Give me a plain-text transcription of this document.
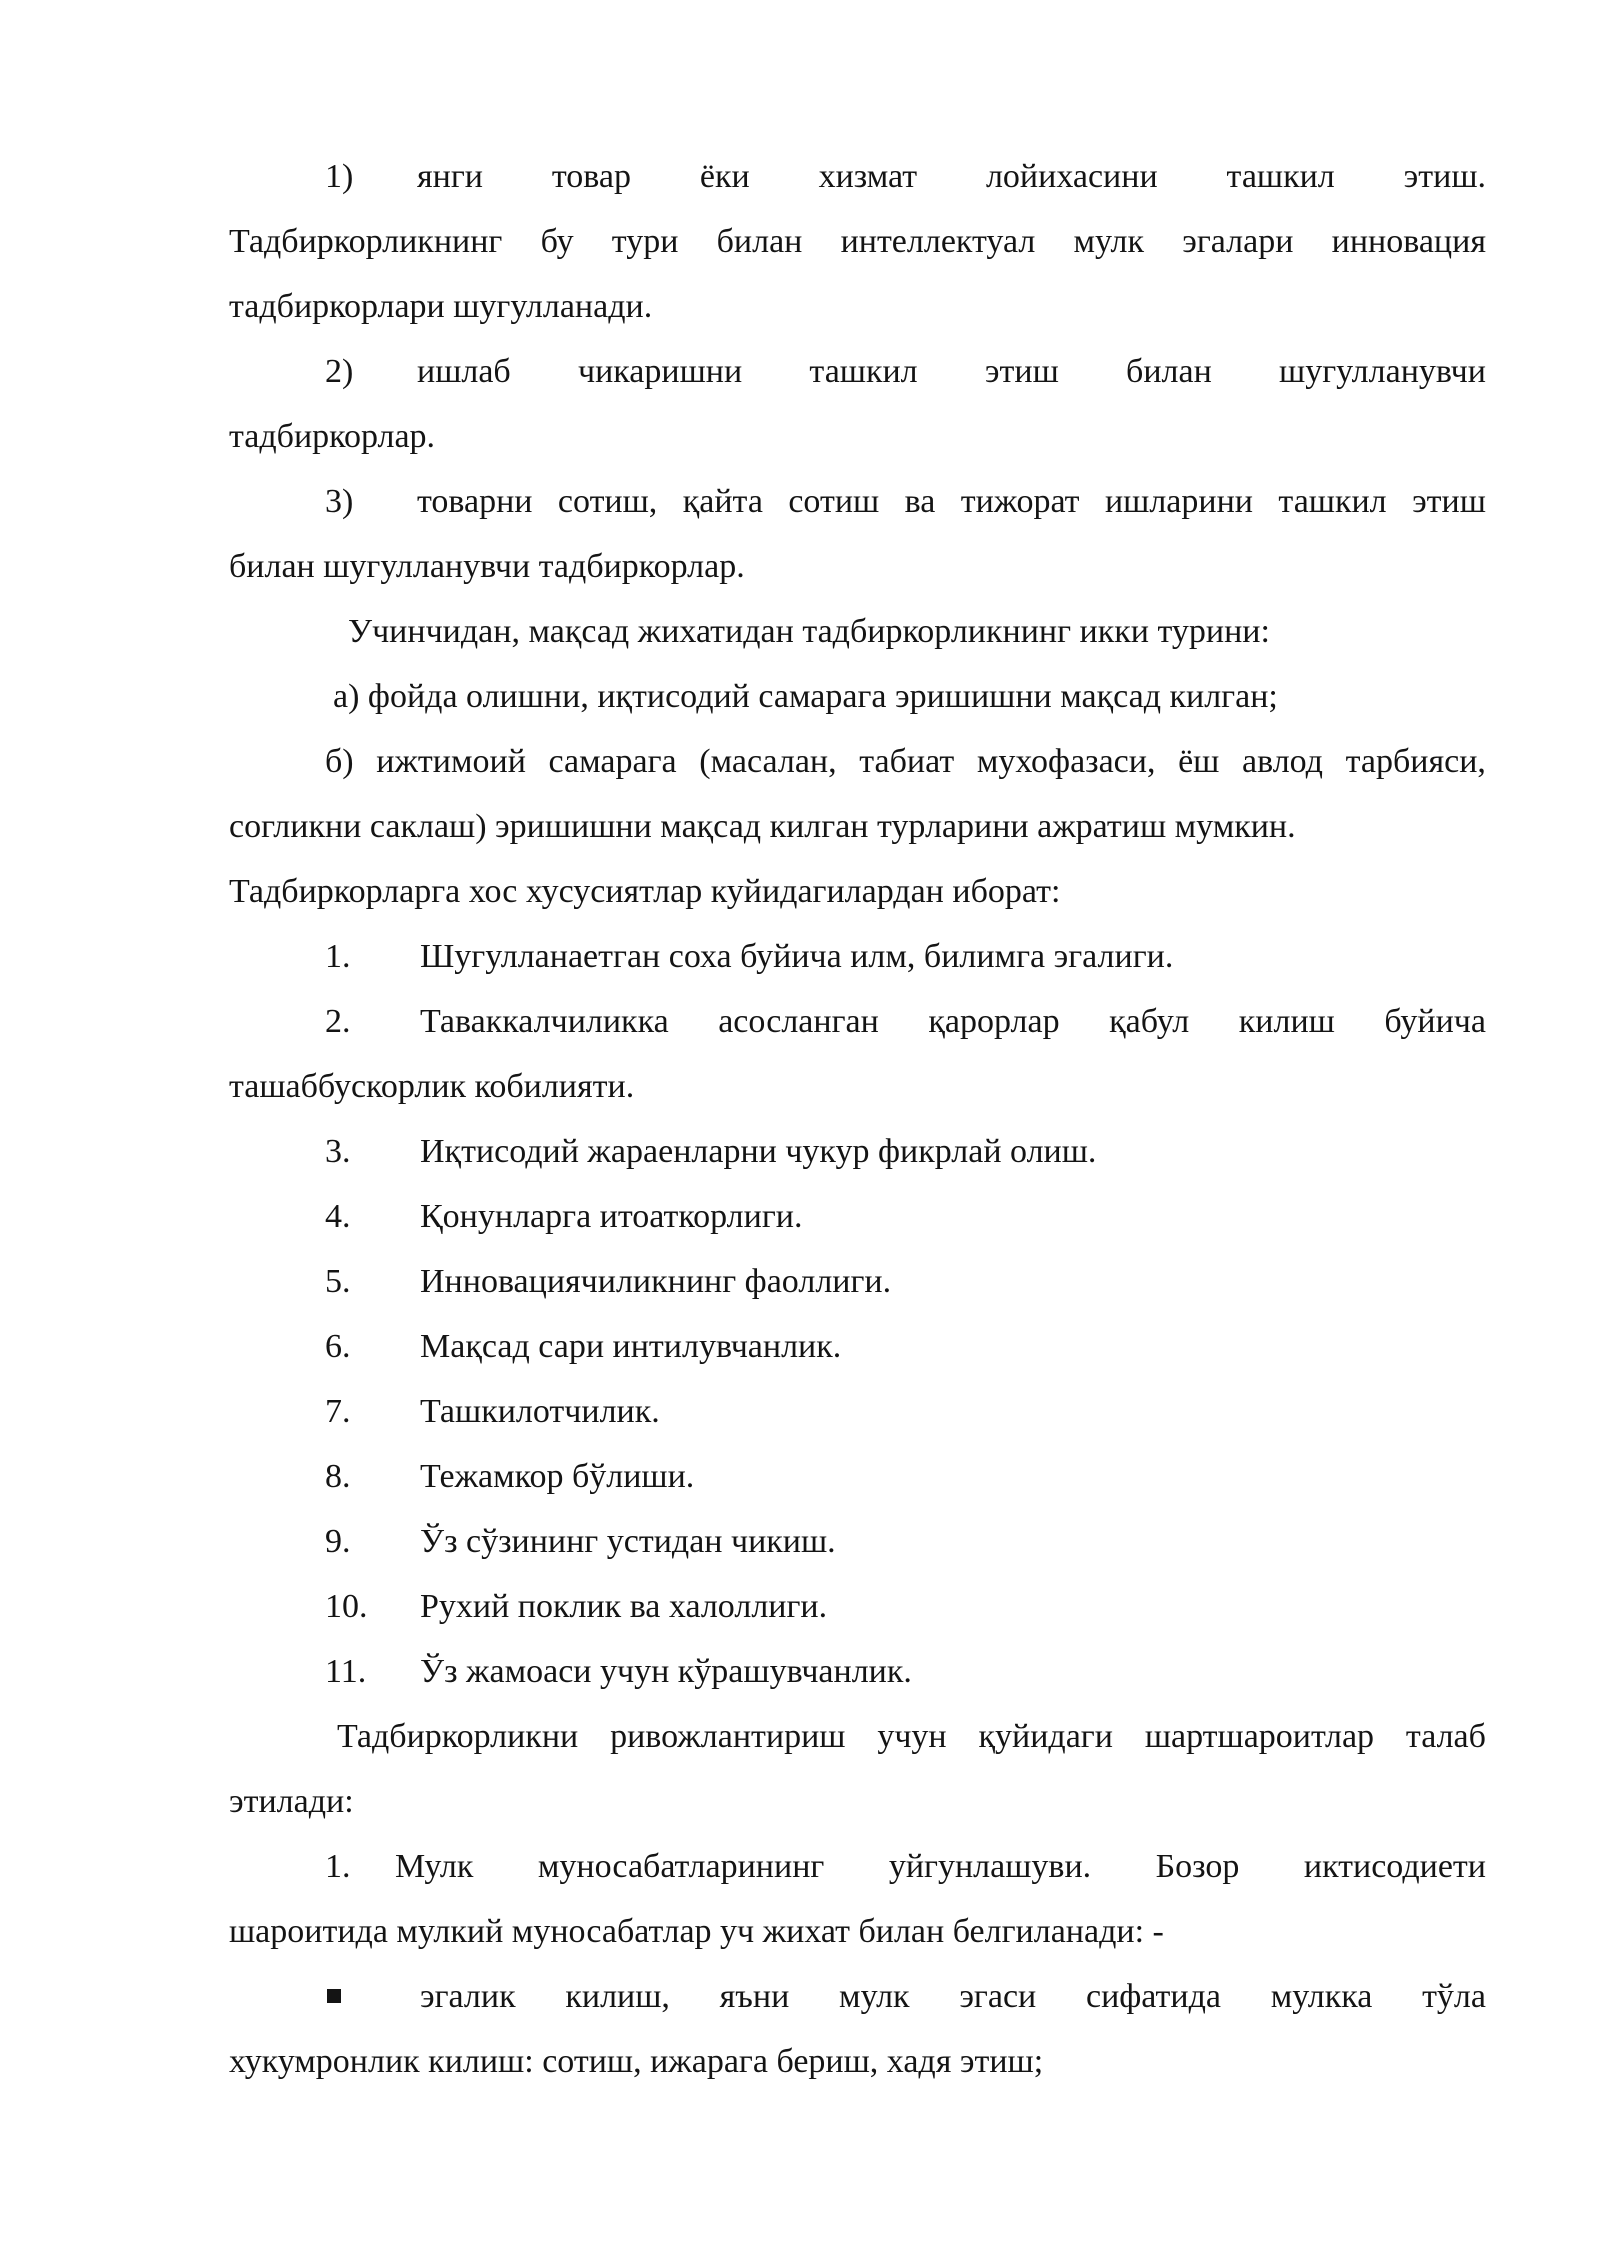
1) янги товар ёки хизмат лойихасини ташкил этиш.
Тадбиркорликнинг бу тури билан интеллектуал мулк эгалари инновация
тадбиркорлари шугулланади.
2) ишлаб чикаришни ташкил этиш билан шугулланувчи
тадбиркорлар.
3) товарни сотиш, қайта сотиш ва тижорат ишларини ташкил этиш
билан шугулланувчи тадбиркорлар.
Учинчидан, мақсад жихатидан тадбиркорликнинг икки турини:
а) фойда олишни, иқтисодий самарага эришишни мақсад килган;
б) ижтимоий самарага (масалан, табиат мухофазаси, ёш авлод тарбияси,
согликни саклаш) эришишни мақсад килган турларини ажратиш мумкин.
Тадбиркорларга хос хусусиятлар куйидагилардан иборат:
1. Шугулланаетган соха буйича илм, билимга эгалиги.
2. Таваккалчиликка асосланган қарорлар қабул килиш буйича
ташаббускорлик кобилияти.
3. Иқтисодий жараенларни чукур фикрлай олиш.
4. Қонунларга итоаткорлиги.
5. Инновациячиликнинг фаоллиги.
6. Мақсад сари интилувчанлик.
7. Ташкилотчилик.
8. Тежамкор бўлиши.
9. Ўз сўзининг устидан чикиш.
10. Рухий поклик ва халоллиги.
11. Ўз жамоаси учун кўрашувчанлик.
Тадбиркорликни ривожлантириш учун қуйидаги шартшароитлар талаб
этилади:
1. Мулк муносабатларининг уйгунлашуви. Бозор иктисодиети
шароитида мулкий муносабатлар уч жихат билан белгиланади: -
эгалик килиш, яъни мулк эгаси сифатида мулкка тўла
хукумронлик килиш: сотиш, ижарага бериш, хадя этиш;
